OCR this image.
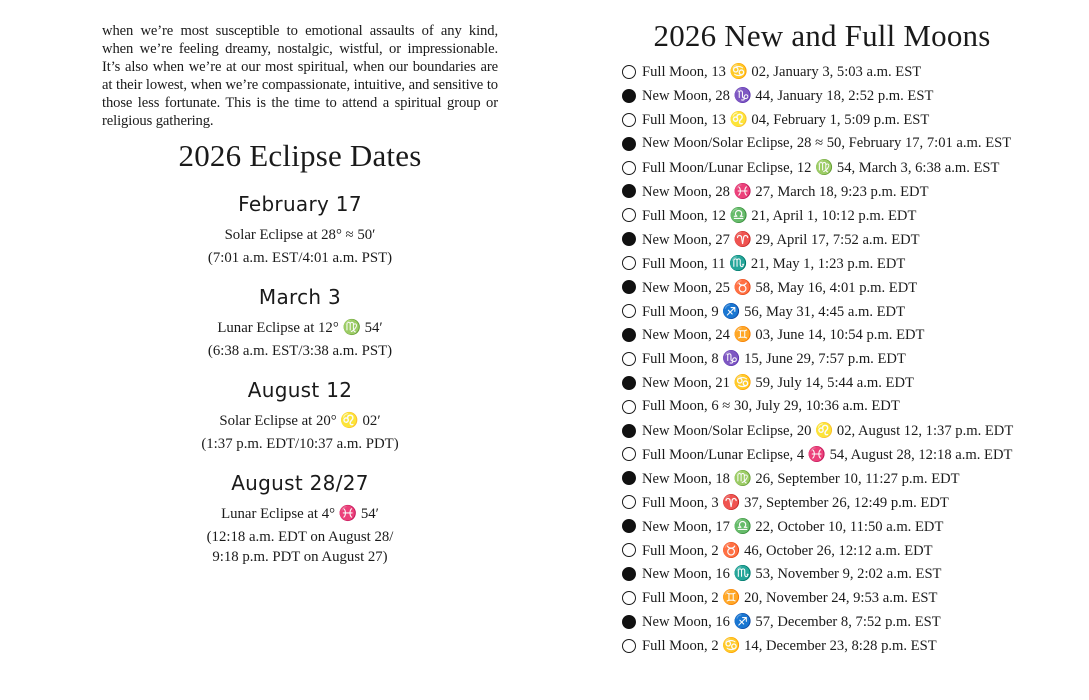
when we’re most susceptible to emotional assaults of any kind, when we’re feeling dreamy, nostalgic, wistful, or impressionable. It’s also when we’re at our most spiritual, when our boundaries are at their lowest, when we’re compassionate, intuitive, and sensitive to those less fortunate. This is the time to attend a spiritual group or religious gathering.
2026 Eclipse Dates
February 17
Solar Eclipse at 28° ≈ 50′
(7:01 a.m. EST/4:01 a.m. PST)
March 3
Lunar Eclipse at 12° ♍ 54′
(6:38 a.m. EST/3:38 a.m. PST)
August 12
Solar Eclipse at 20° ♌ 02′
(1:37 p.m. EDT/10:37 a.m. PDT)
August 28/27
Lunar Eclipse at 4° ♓ 54′
(12:18 a.m. EDT on August 28/
9:18 p.m. PDT on August 27)
2026 New and Full Moons
Full Moon, 13 ♋ 02, January 3, 5:03 a.m. EST
New Moon, 28 ♑ 44, January 18, 2:52 p.m. EST
Full Moon, 13 ♌ 04, February 1, 5:09 p.m. EST
New Moon/Solar Eclipse, 28 ≈ 50, February 17, 7:01 a.m. EST
Full Moon/Lunar Eclipse, 12 ♍ 54, March 3, 6:38 a.m. EST
New Moon, 28 ♓ 27, March 18, 9:23 p.m. EDT
Full Moon, 12 ♎ 21, April 1, 10:12 p.m. EDT
New Moon, 27 ♈ 29, April 17, 7:52 a.m. EDT
Full Moon, 11 ♏ 21, May 1, 1:23 p.m. EDT
New Moon, 25 ♉ 58, May 16, 4:01 p.m. EDT
Full Moon, 9 ♐ 56, May 31, 4:45 a.m. EDT
New Moon, 24 ♊ 03, June 14, 10:54 p.m. EDT
Full Moon, 8 ♑ 15, June 29, 7:57 p.m. EDT
New Moon, 21 ♋ 59, July 14, 5:44 a.m. EDT
Full Moon, 6 ≈ 30, July 29, 10:36 a.m. EDT
New Moon/Solar Eclipse, 20 ♌ 02, August 12, 1:37 p.m. EDT
Full Moon/Lunar Eclipse, 4 ♓ 54, August 28, 12:18 a.m. EDT
New Moon, 18 ♍ 26, September 10, 11:27 p.m. EDT
Full Moon, 3 ♈ 37, September 26, 12:49 p.m. EDT
New Moon, 17 ♎ 22, October 10, 11:50 a.m. EDT
Full Moon, 2 ♉ 46, October 26, 12:12 a.m. EDT
New Moon, 16 ♏ 53, November 9, 2:02 a.m. EST
Full Moon, 2 ♊ 20, November 24, 9:53 a.m. EST
New Moon, 16 ♐ 57, December 8, 7:52 p.m. EST
Full Moon, 2 ♋ 14, December 23, 8:28 p.m. EST
